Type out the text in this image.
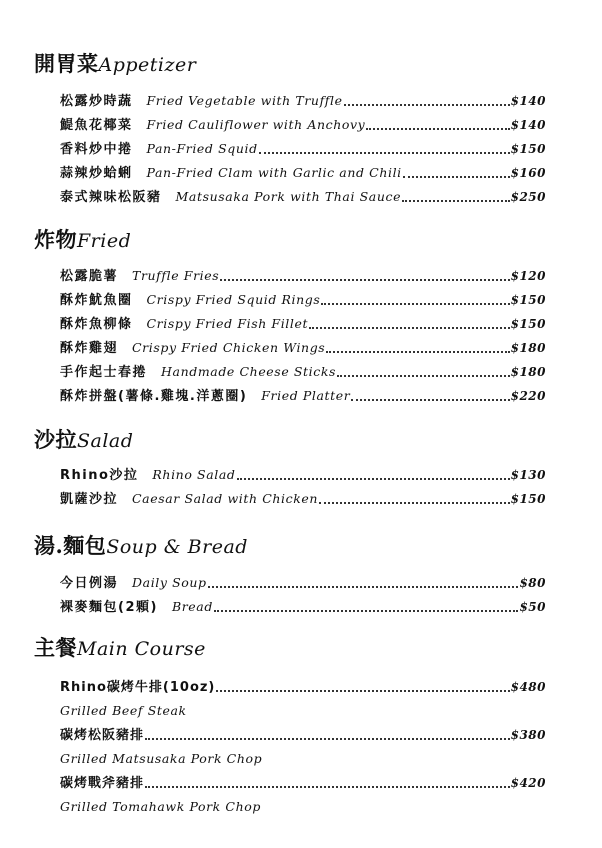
開胃菜Appetizer
松露炒時蔬 Fried Vegetable with Truffle	$140
鯷魚花椰菜 Fried Cauliflower with Anchovy	$140
香料炒中捲 Pan-Fried Squid	$150
蒜辣炒蛤蜊 Pan-Fried Clam with Garlic and Chili	$160
泰式辣味松阪豬 Matsusaka Pork with Thai Sauce	$250
炸物Fried
松露脆薯 Truffle Fries	$120
酥炸魷魚圈 Crispy Fried Squid Rings	$150
酥炸魚柳條 Crispy Fried Fish Fillet	$150
酥炸雞翅 Crispy Fried Chicken Wings	$180
手作起士春捲 Handmade Cheese Sticks	$180
酥炸拼盤(薯條.雞塊.洋蔥圈) Fried Platter	$220
沙拉Salad
Rhino沙拉 Rhino Salad	$130
凱薩沙拉 Caesar Salad with Chicken	$150
湯.麵包Soup & Bread
今日例湯 Daily Soup	$80
裸麥麵包(2顆) Bread	$50
主餐Main Course
Rhino碳烤牛排(10oz)	$480
Grilled Beef Steak
碳烤松阪豬排	$380
Grilled Matsusaka Pork Chop
碳烤戰斧豬排	$420
Grilled Tomahawk Pork Chop
